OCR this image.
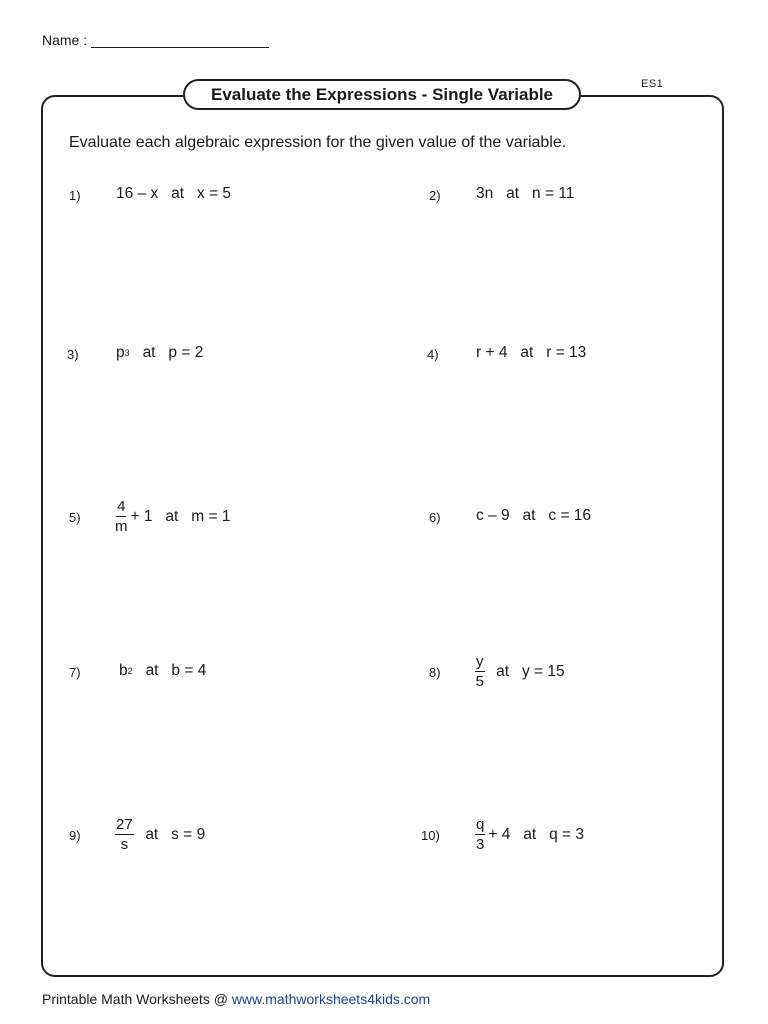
Name :
ES1
Evaluate the Expressions - Single Variable
Evaluate each algebraic expression for the given value of the variable.
1) 16 – x
at
x = 5	2) 3n
at
n = 11
3) p 3
at
p = 2	4) r + 4
at
r = 13
$5) \frac{4}{m} + 1$
at
m = 1	6) c – 9
at
c = 16
7) b 2
at
b = 4	$8) \frac{y}{5}$
at
y = 15
$9) \frac{27}{s}$
at
s = 9	$10) \frac{q}{3} + 4$
at
q = 3
Printable Math Worksheets @ www.mathworksheets4kids.com
